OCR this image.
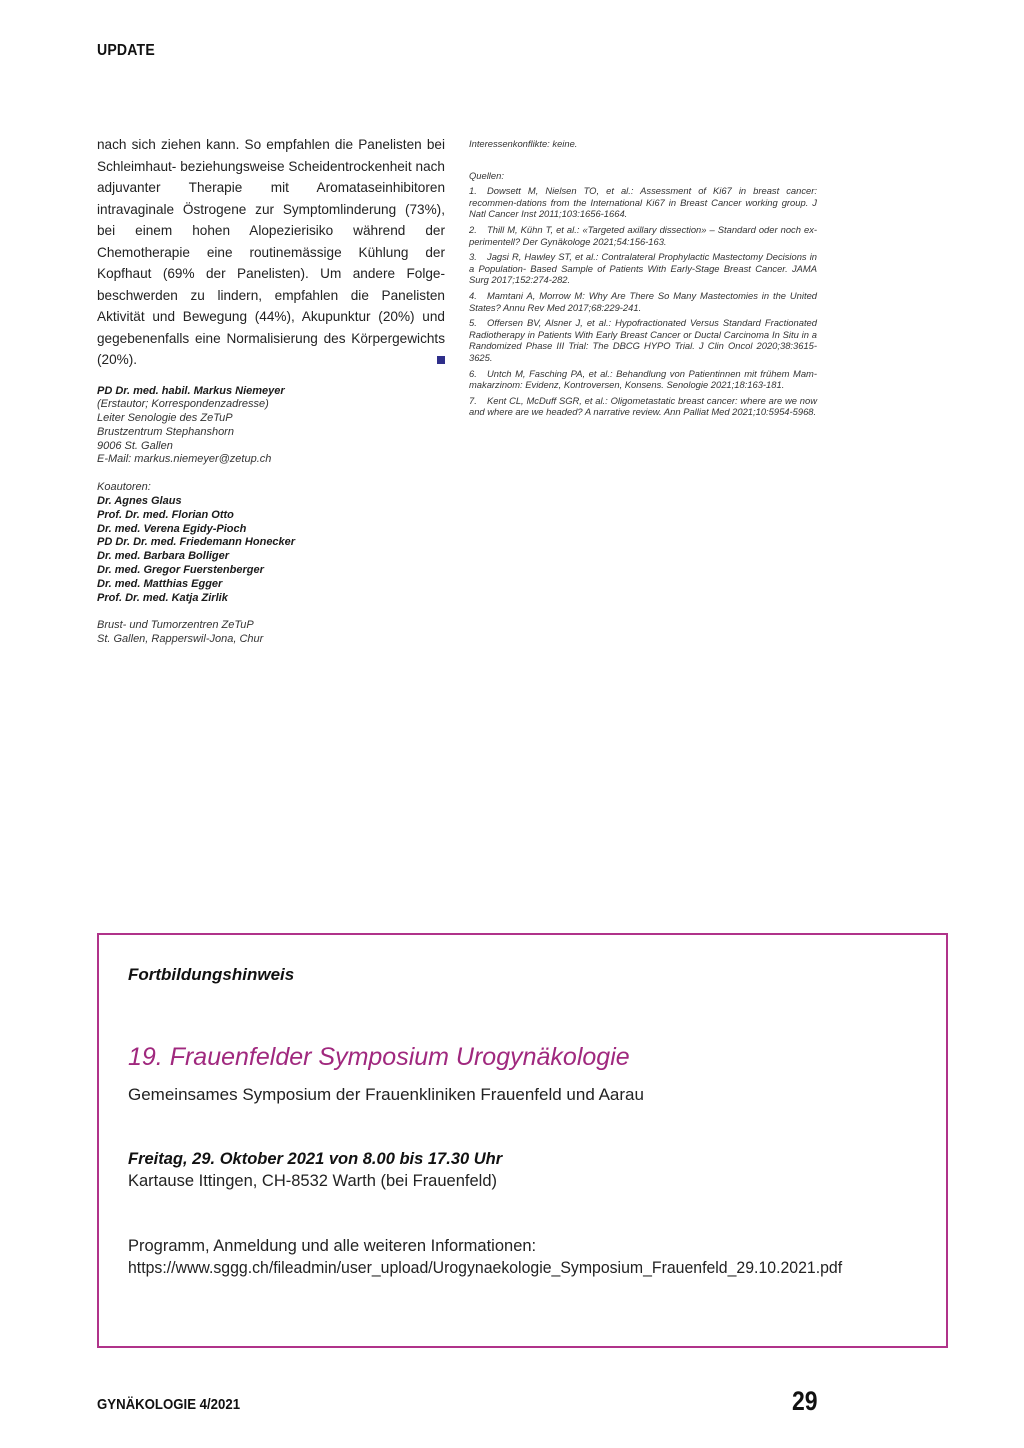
UPDATE

nach sich ziehen kann. So empfahlen die Panelisten bei Schleimhaut- beziehungsweise Scheidentrockenheit nach adjuvanter Therapie mit Aromataseinhibitoren intravaginale Östrogene zur Symptomlinderung (73%), bei einem hohen Alopezierisiko während der Chemotherapie eine routinemässige Kühlung der Kopfhaut (69% der Panelisten). Um andere Folgebeschwerden zu lindern, empfahlen die Panelisten Aktivität und Bewegung (44%), Akupunktur (20%) und gegebenenfalls eine Normalisierung des Körpergewichts (20%).

PD Dr. med. habil. Markus Niemeyer
(Erstautor; Korrespondenzadresse)
Leiter Senologie des ZeTuP
Brustzentrum Stephanshorn
9006 St. Gallen
E-Mail: markus.niemeyer@zetup.ch
Koautoren:
Dr. Agnes Glaus
Prof. Dr. med. Florian Otto
Dr. med. Verena Egidy-Pioch
PD Dr. Dr. med. Friedemann Honecker
Dr. med. Barbara Bolliger
Dr. med. Gregor Fuerstenberger
Dr. med. Matthias Egger
Prof. Dr. med. Katja Zirlik
Brust- und Tumorzentren ZeTuP
St. Gallen, Rapperswil-Jona, Chur
Interessenkonflikte: keine.
Quellen:
1. Dowsett M, Nielsen TO, et al.: Assessment of Ki67 in breast cancer: recommen-dations from the International Ki67 in Breast Cancer working group. J Natl Cancer Inst 2011;103:1656-1664.
2. Thill M, Kühn T, et al.: «Targeted axillary dissection» – Standard oder noch ex-perimentell? Der Gynäkologe 2021;54:156-163.
3. Jagsi R, Hawley ST, et al.: Contralateral Prophylactic Mastectomy Decisions in a Population- Based Sample of Patients With Early-Stage Breast Cancer. JAMA Surg 2017;152:274-282.
4. Mamtani A, Morrow M: Why Are There So Many Mastectomies in the United States? Annu Rev Med 2017;68:229-241.
5. Offersen BV, Alsner J, et al.: Hypofractionated Versus Standard Fractionated Radiotherapy in Patients With Early Breast Cancer or Ductal Carcinoma In Situ in a Randomized Phase III Trial: The DBCG HYPO Trial. J Clin Oncol 2020;38:3615-3625.
6. Untch M, Fasching PA, et al.: Behandlung von Patientinnen mit frühem Mam-makarzinom: Evidenz, Kontroversen, Konsens. Senologie 2021;18:163-181.
7. Kent CL, McDuff SGR, et al.: Oligometastatic breast cancer: where are we now and where are we headed? A narrative review. Ann Palliat Med 2021;10:5954-5968.
Fortbildungshinweis
19. Frauenfelder Symposium Urogynäkologie
Gemeinsames Symposium der Frauenkliniken Frauenfeld und Aarau
Freitag, 29. Oktober 2021 von 8.00 bis 17.30 Uhr
Kartause Ittingen, CH-8532 Warth (bei Frauenfeld)
Programm, Anmeldung und alle weiteren Informationen:
https://www.sggg.ch/fileadmin/user_upload/Urogynaekologie_Symposium_Frauenfeld_29.10.2021.pdf
GYNÄKOLOGIE 4/2021	29
